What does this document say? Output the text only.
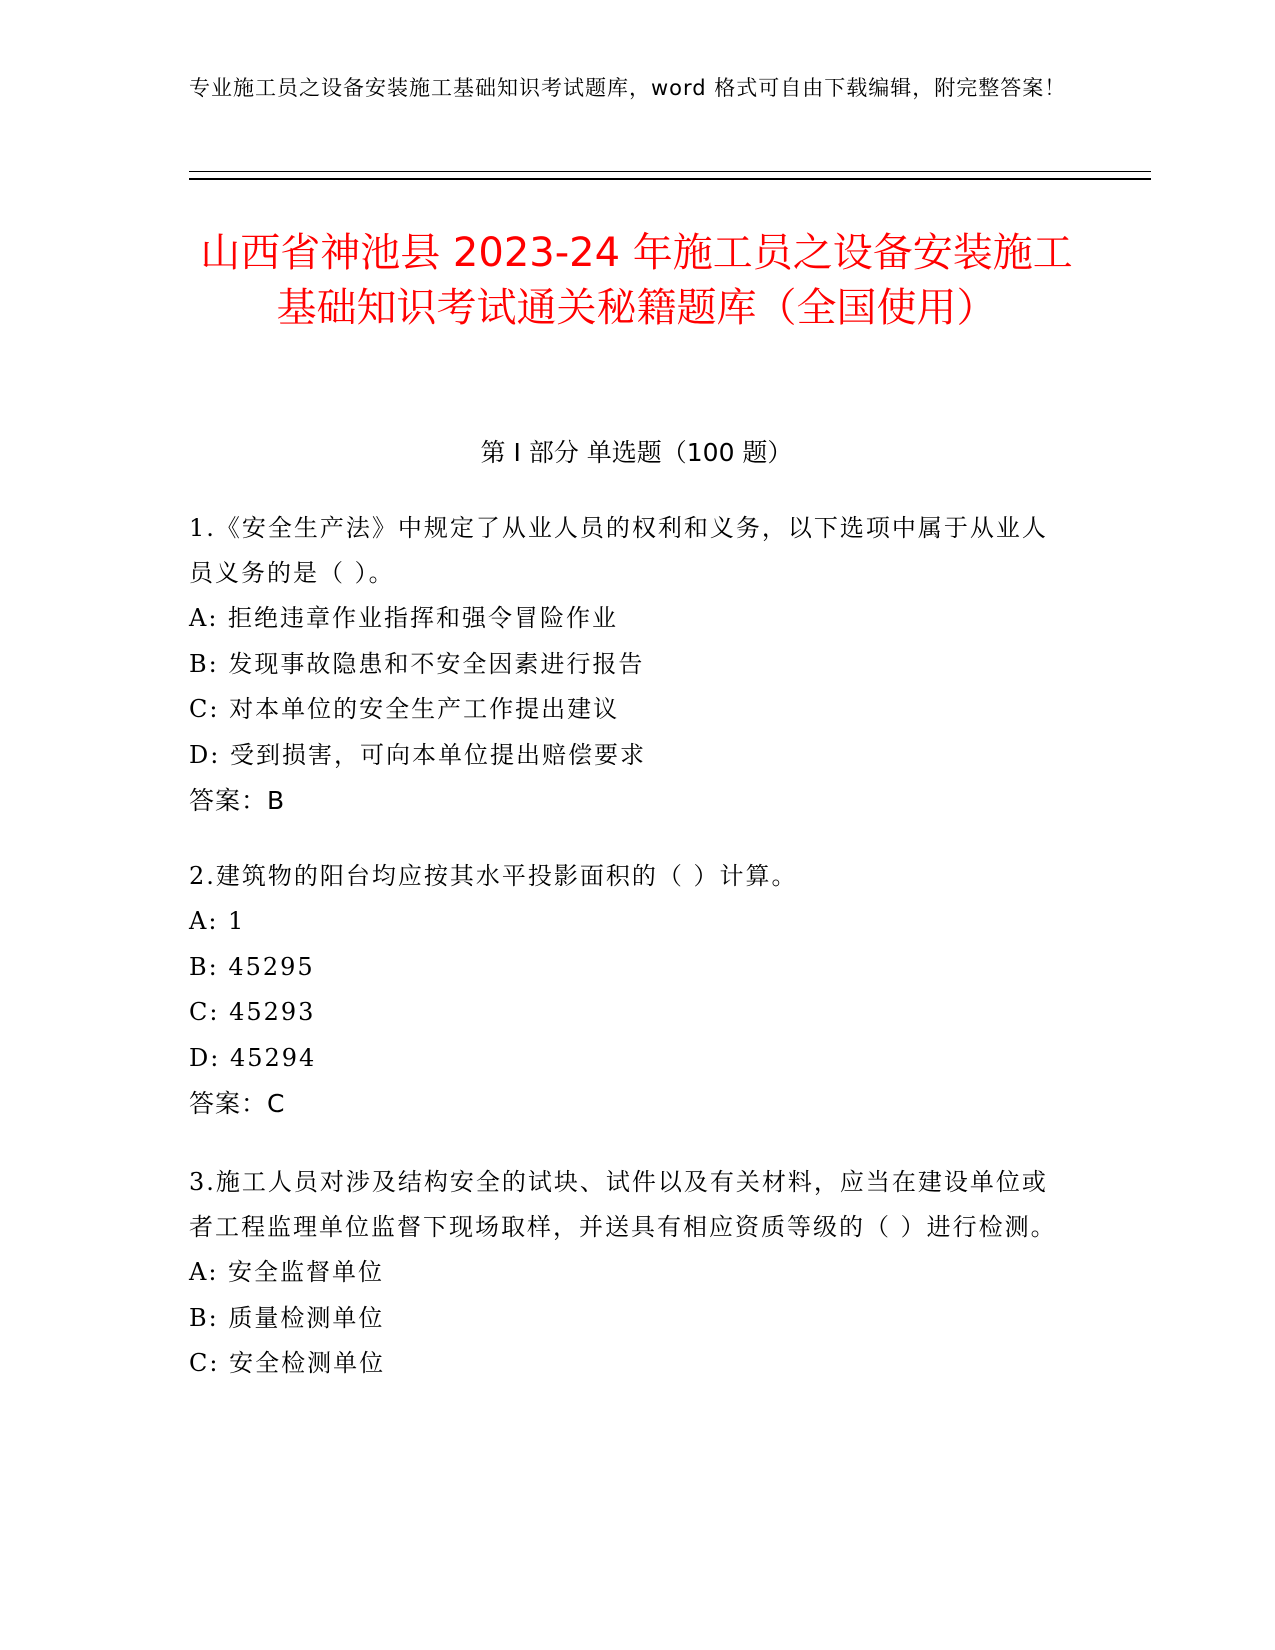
专业施工员之设备安装施工基础知识考试题库，word 格式可自由下载编辑，附完整答案！
山西省神池县 2023-24 年施工员之设备安装施工基础知识考试通关秘籍题库（全国使用）
第 I 部分 单选题（100 题）
1.《安全生产法》中规定了从业人员的权利和义务，以下选项中属于从业人员义务的是（ ）。
A: 拒绝违章作业指挥和强令冒险作业
B: 发现事故隐患和不安全因素进行报告
C: 对本单位的安全生产工作提出建议
D: 受到损害，可向本单位提出赔偿要求
答案：B
2.建筑物的阳台均应按其水平投影面积的（ ）计算。
A: 1
B: 45295
C: 45293
D: 45294
答案：C
3.施工人员对涉及结构安全的试块、试件以及有关材料，应当在建设单位或者工程监理单位监督下现场取样，并送具有相应资质等级的（ ）进行检测。
A: 安全监督单位
B: 质量检测单位
C: 安全检测单位
